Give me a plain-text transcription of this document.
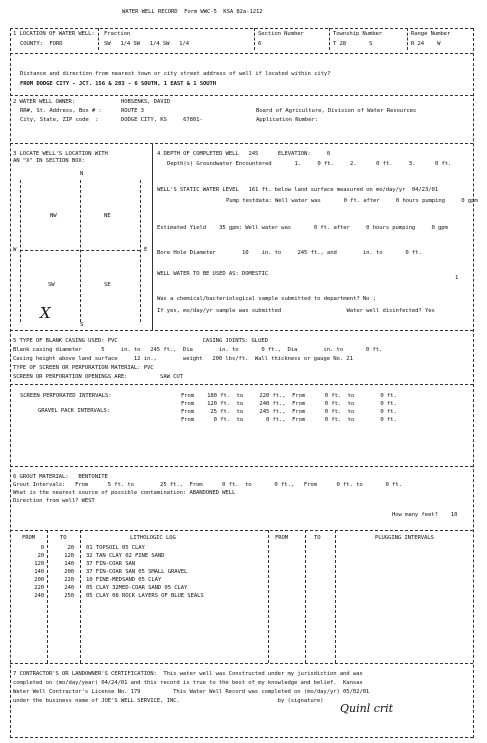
WATER WELL RECORD  Form WWC-5  KSA 82a-1212
1 LOCATION OF WATER WELL:
COUNTY:  FORD
Fraction
SW   1/4 SW   1/4 SW   1/4
Section Number
6
Township Number
T 28       S
Range Number
R 24    W
Distance and direction from nearest town or city street address of well if located within city?
FROM DODGE CITY - JCT. 156 & 283 - 6 SOUTH, 1 EAST & 1 SOUTH
2 WATER WELL OWNER:	HOBSENKS, DAVID
RR#, St. Address, Box # :	ROUTE 3
City, State, ZIP code  :	DODGE CITY, KS     67801-
Board of Agriculture, Division of Water Resources
Application Number:
3 LOCATE WELL'S LOCATION WITH
AN "X" IN SECTION BOX:
N
W	E
S
NW	NE
SW	SE
X
4 DEPTH OF COMPLETED WELL   245      ELEVATION:     0
Depth(s) Groundwater Encountered       1.     0 ft.     2.      0 ft.     3.      0 ft.
WELL'S STATIC WATER LEVEL   161 ft. below land surface measured on mo/day/yr  04/23/01
Pump testdata: Well water was       0 ft. after     0 hours pumping     0 gpm
Estimated Yield    35 gpm: Well water was       0 ft. after     0 hours pumping     0 gpm
Bore Hole Diameter        10    in. to     245 ft., and        in. to       0 ft.
WELL WATER TO BE USED AS: DOMESTIC
1
Was a chemical/bacteriological sample submitted to department? No ;
If yes, mo/day/yr sample was submitted                    Water well disinfected? Yes
5 TYPE OF BLANK CASING USED: PVC                          CASING JOINTS: GLUED
Blank casing diameter      5     in. to   245 ft.,  Dia        in. to       0 ft.,  Dia        in. to       0 ft.
Casing height above land surface     12 in.,        weight   200 lbs/ft.  Wall thickness or gauge No. 21
TYPE OF SCREEN OR PERFORATION MATERIAL: PVC
SCREEN OR PERFORATION OPENINGS ARE:          SAW CUT
SCREEN PERFORATED INTERVALS:
GRAVEL PACK INTERVALS:
From    180 ft.  to     220 ft.,  From      0 ft.  to        0 ft.
From    120 ft.  to     240 ft.,  From      0 ft.  to        0 ft.
From     25 ft.  to     245 ft.,  From      0 ft.  to        0 ft.
From      0 ft.  to       0 ft.,  From      0 ft.  to        0 ft.
6 GROUT MATERIAL:   BENTONITE
Grout Intervals:   From      5 ft. to        25 ft.,  From      0 ft.  to       0 ft.,   From      0 ft. to       0 ft.
What is the nearest source of possible contamination: ABANDONED WELL
Direction from well? WEST
How many feet?    10
FROM	TO	LITHOLOGIC LOG	FROM	TO	PLUGGING INTERVALS
0	20 01 TOPSOIL 05 CLAY
20	120 32 TAN CLAY 02 FINE SAND
120	140 37 FIN-COAR SAN
140	200 37 FIN-COAR SAN 05 SMALL GRAVEL
200	220 10 FINE-MEDSAND 05 CLAY
220	240 05 CLAY 32MED-COAR SAND 05 CLAY
240	250 05 CLAY 08 ROCK LAYERS OF BLUE SEALS
7 CONTRACTOR'S OR LANDOWNER'S CERTIFICATION:  This water well was Constructed under my jurisdiction and was
completed on (mo/day/year) 04/24/01 and this record is true to the best of my knowledge and belief.  Kansas
Water Well Contractor's License No. 179          This Water Well Record was completed on (mo/day/yr) 05/02/01
under the business name of JOE'S WELL SERVICE, INC.                              by (signature)
Quinl crit
